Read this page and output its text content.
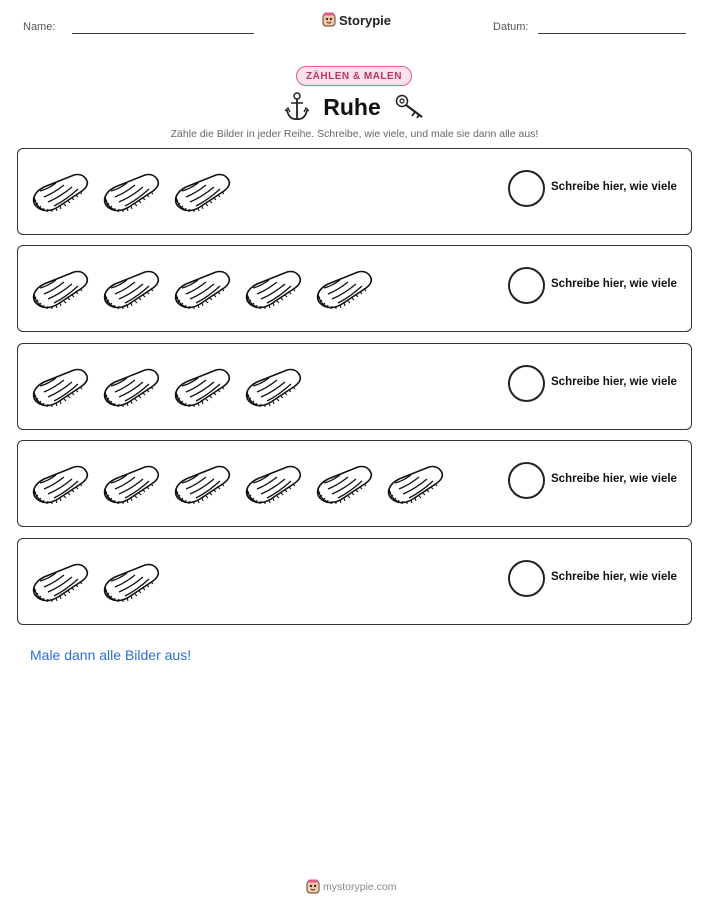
Name:	Storypie	Datum:
ZÄHLEN & MALEN
Ruhe
Zähle die Bilder in jeder Reihe. Schreibe, wie viele, und male sie dann alle aus!
Schreibe hier, wie viele
Schreibe hier, wie viele
Schreibe hier, wie viele
Schreibe hier, wie viele
Schreibe hier, wie viele
Male dann alle Bilder aus!
mystorypie.com
